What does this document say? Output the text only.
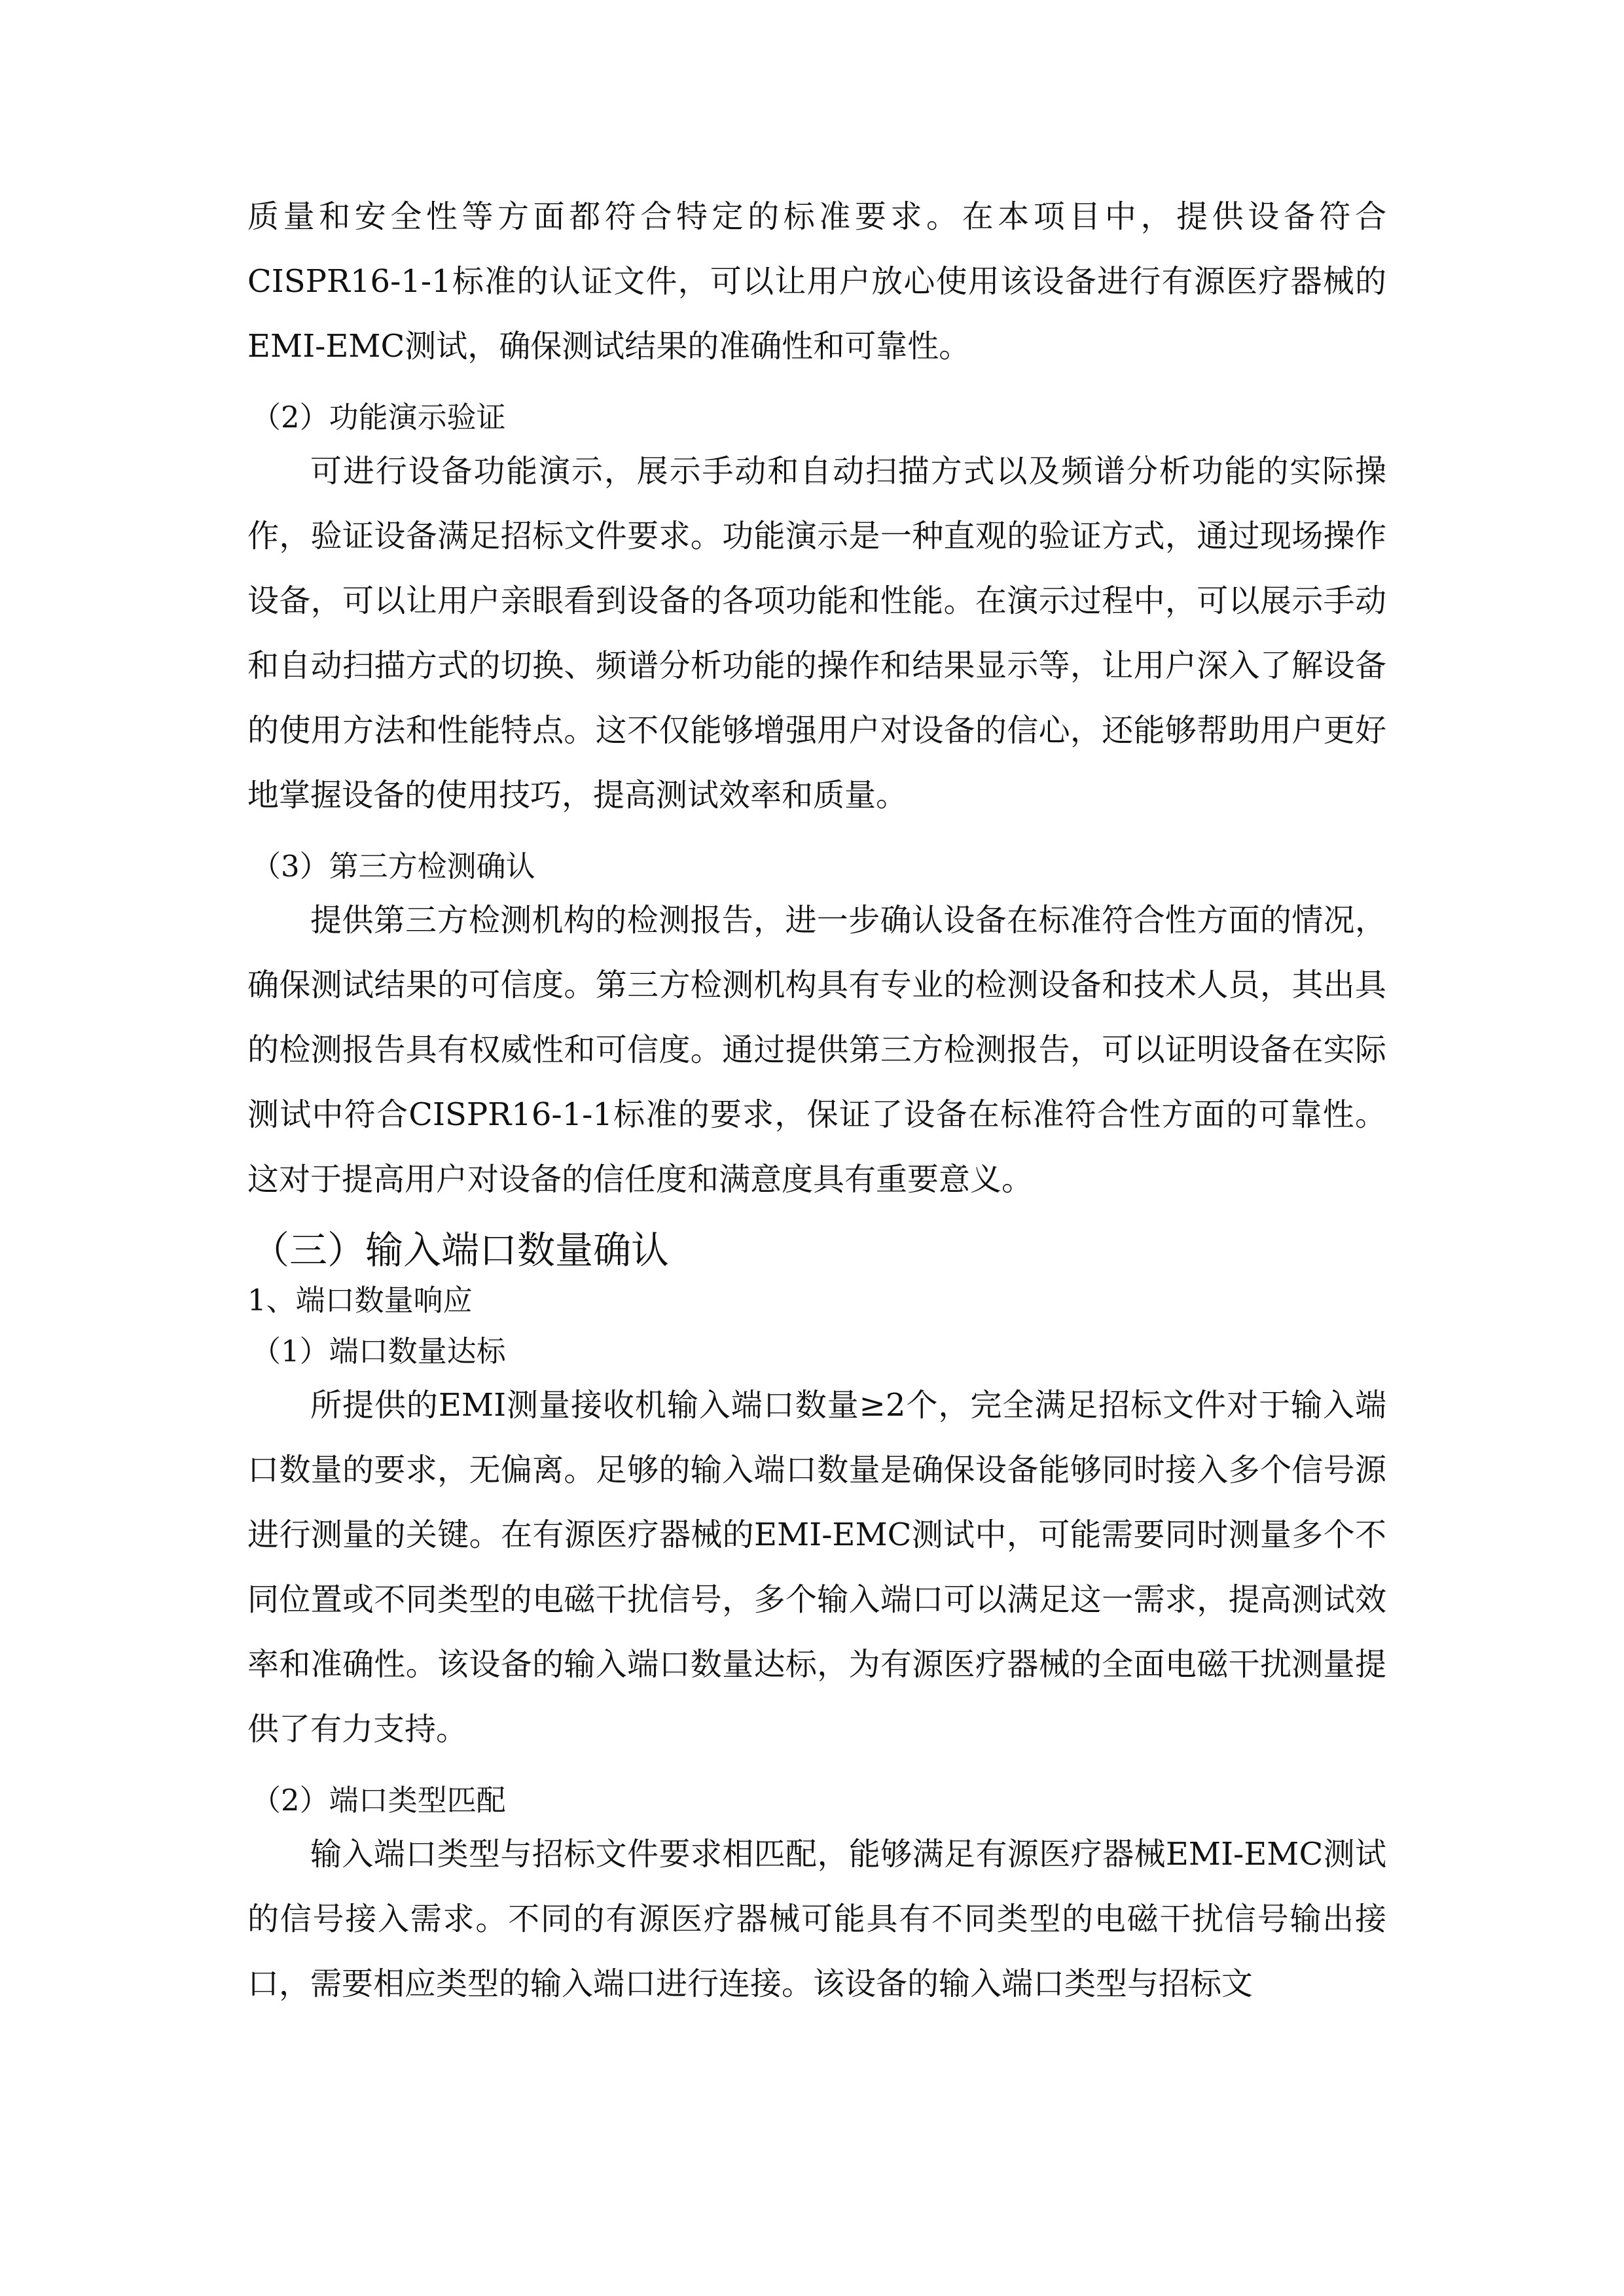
质量和安全性等方面都符合特定的标准要求。在本项目中，提供设备符合CISPR16-1-1标准的认证文件，可以让用户放心使用该设备进行有源医疗器械的EMI-EMC测试，确保测试结果的准确性和可靠性。

（2）功能演示验证

可进行设备功能演示，展示手动和自动扫描方式以及频谱分析功能的实际操作，验证设备满足招标文件要求。功能演示是一种直观的验证方式，通过现场操作设备，可以让用户亲眼看到设备的各项功能和性能。在演示过程中，可以展示手动和自动扫描方式的切换、频谱分析功能的操作和结果显示等，让用户深入了解设备的使用方法和性能特点。这不仅能够增强用户对设备的信心，还能够帮助用户更好地掌握设备的使用技巧，提高测试效率和质量。

（3）第三方检测确认

提供第三方检测机构的检测报告，进一步确认设备在标准符合性方面的情况，确保测试结果的可信度。第三方检测机构具有专业的检测设备和技术人员，其出具的检测报告具有权威性和可信度。通过提供第三方检测报告，可以证明设备在实际测试中符合CISPR16-1-1标准的要求，保证了设备在标准符合性方面的可靠性。这对于提高用户对设备的信任度和满意度具有重要意义。

（三）输入端口数量确认
1、端口数量响应
（1）端口数量达标

所提供的EMI测量接收机输入端口数量≥2个，完全满足招标文件对于输入端口数量的要求，无偏离。足够的输入端口数量是确保设备能够同时接入多个信号源进行测量的关键。在有源医疗器械的EMI-EMC测试中，可能需要同时测量多个不同位置或不同类型的电磁干扰信号，多个输入端口可以满足这一需求，提高测试效率和准确性。该设备的输入端口数量达标，为有源医疗器械的全面电磁干扰测量提供了有力支持。

（2）端口类型匹配

输入端口类型与招标文件要求相匹配，能够满足有源医疗器械EMI-EMC测试的信号接入需求。不同的有源医疗器械可能具有不同类型的电磁干扰信号输出接口，需要相应类型的输入端口进行连接。该设备的输入端口类型与招标文
